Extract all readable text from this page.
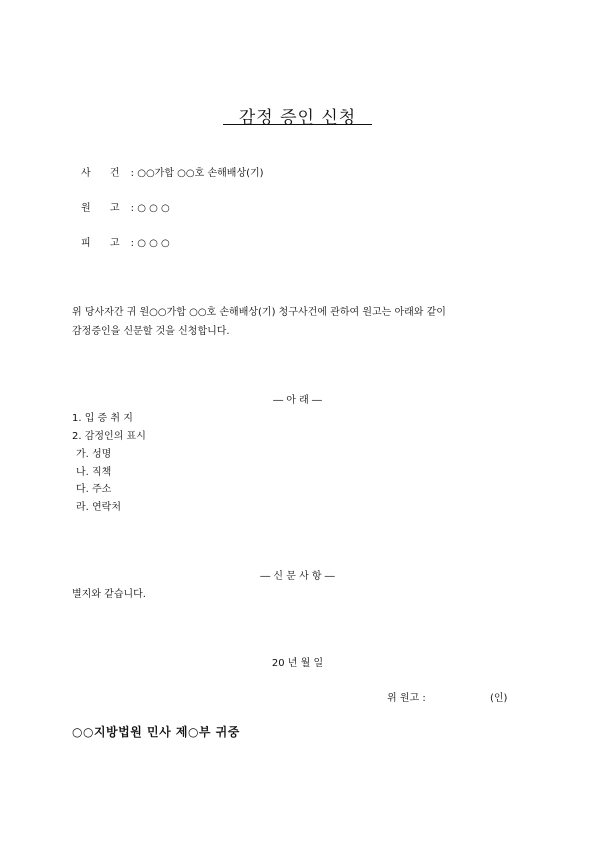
감정 증인 신청
사 건 : ○○가합 ○○호 손해배상(기)
원 고 : ○ ○ ○
피 고 : ○ ○ ○
위 당사자간 귀 원○○가합 ○○호 손해배상(기) 청구사건에 관하여 원고는 아래와 같이
감정증인을 신문할 것을 신청합니다.
― 아 래 ―
1. 입 증 취 지
2. 감정인의 표시
가. 성명
나. 직책
다. 주소
라. 연락처
― 신 문 사 항 ―
별지와 같습니다.
20 년 월 일
위 원고 :	(인)
○○지방법원 민사 제○부 귀중
